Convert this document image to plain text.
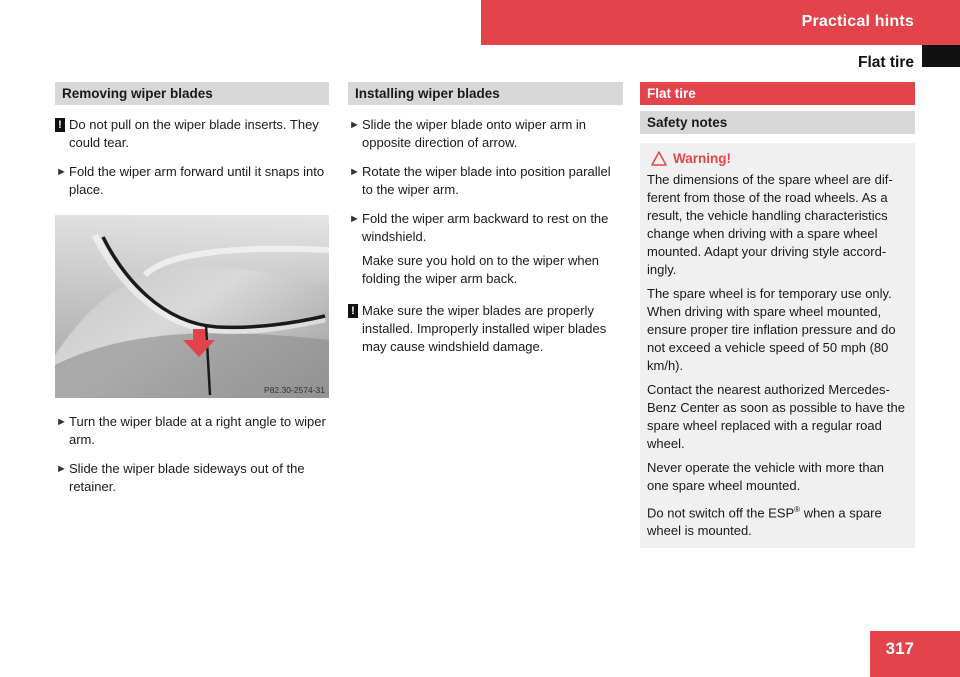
Practical hints
Flat tire
Removing wiper blades
! Do not pull on the wiper blade inserts. They could tear.
► Fold the wiper arm forward until it snaps into place.
P82.30-2574-31
► Turn the wiper blade at a right angle to wiper arm.
► Slide the wiper blade sideways out of the retainer.
Installing wiper blades
► Slide the wiper blade onto wiper arm in opposite direction of arrow.
► Rotate the wiper blade into position parallel to the wiper arm.
► Fold the wiper arm backward to rest on the windshield.
Make sure you hold on to the wiper when folding the wiper arm back.
! Make sure the wiper blades are properly installed. Improperly installed wiper blades may cause windshield damage.
Flat tire
Safety notes
Warning!

The dimensions of the spare wheel are dif-ferent from those of the road wheels. As a result, the vehicle handling characteristics change when driving with a spare wheel mounted. Adapt your driving style accord-ingly.

The spare wheel is for temporary use only. When driving with spare wheel mounted, ensure proper tire inflation pressure and do not exceed a vehicle speed of 50 mph (80 km/h).

Contact the nearest authorized Mercedes-Benz Center as soon as possible to have the spare wheel replaced with a regular road wheel.

Never operate the vehicle with more than one spare wheel mounted.

Do not switch off the ESP® when a spare wheel is mounted.

317
